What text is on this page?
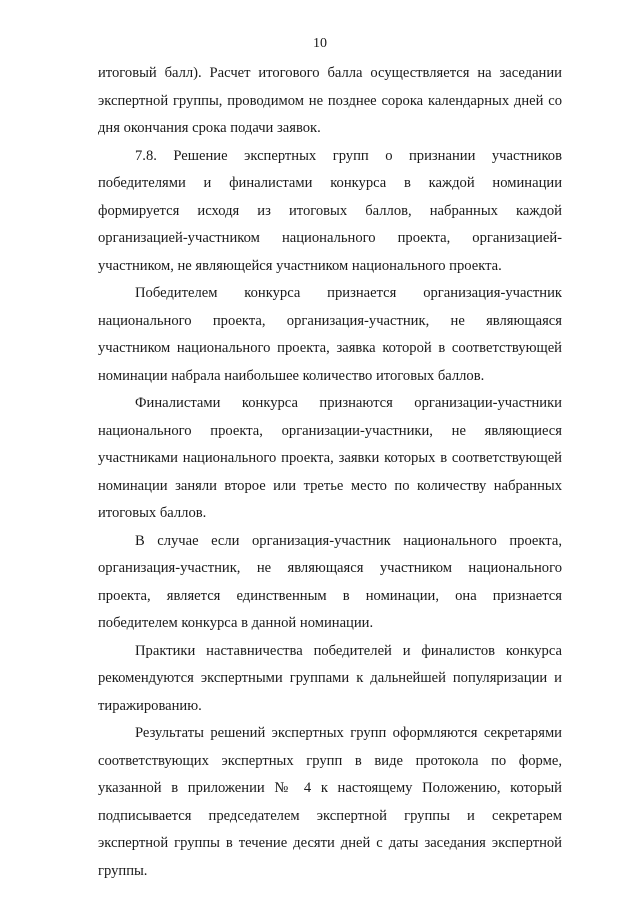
10

итоговый балл). Расчет итогового балла осуществляется на заседании экспертной группы, проводимом не позднее сорока календарных дней со дня окончания срока подачи заявок.

7.8. Решение экспертных групп о признании участников победителями и финалистами конкурса в каждой номинации формируется исходя из итоговых баллов, набранных каждой организацией-участником национального проекта, организацией-участником, не являющейся участником национального проекта.

Победителем конкурса признается организация-участник национального проекта, организация-участник, не являющаяся участником национального проекта, заявка которой в соответствующей номинации набрала наибольшее количество итоговых баллов.

Финалистами конкурса признаются организации-участники национального проекта, организации-участники, не являющиеся участниками национального проекта, заявки которых в соответствующей номинации заняли второе или третье место по количеству набранных итоговых баллов.

В случае если организация-участник национального проекта, организация-участник, не являющаяся участником национального проекта, является единственным в номинации, она признается победителем конкурса в данной номинации.

Практики наставничества победителей и финалистов конкурса рекомендуются экспертными группами к дальнейшей популяризации и тиражированию.

Результаты решений экспертных групп оформляются секретарями соответствующих экспертных групп в виде протокола по форме, указанной в приложении № 4 к настоящему Положению, который подписывается председателем экспертной группы и секретарем экспертной группы в течение десяти дней с даты заседания экспертной группы.
